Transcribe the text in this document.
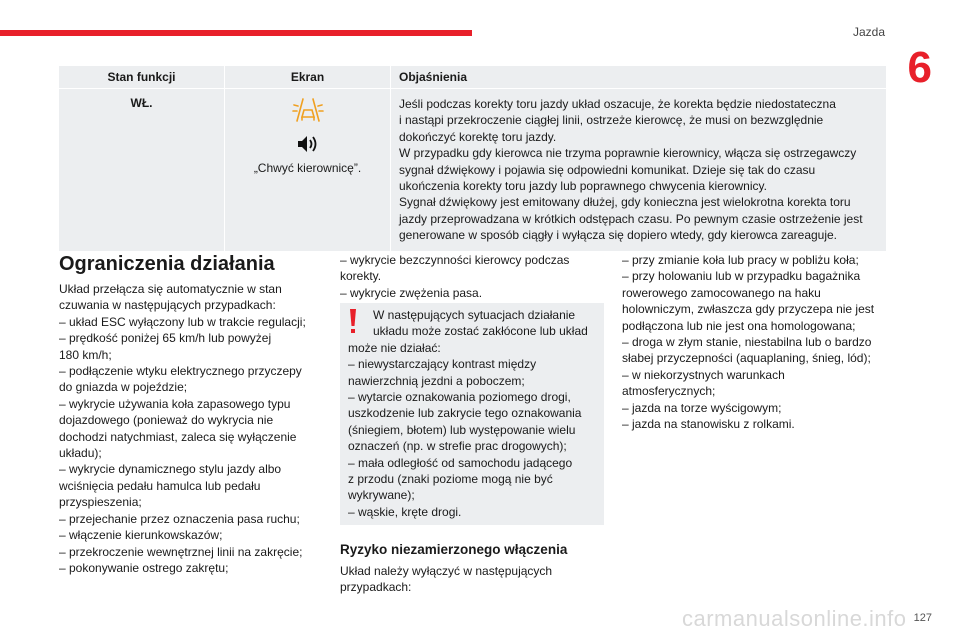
Jazda
6
Stan funkcji	Ekran	Objaśnienia
WŁ.
„Chwyć kierownicę”.
Jeśli podczas korekty toru jazdy układ oszacuje, że korekta będzie niedostateczna
i nastąpi przekroczenie ciągłej linii, ostrzeże kierowcę, że musi on bezwzględnie
dokończyć korektę toru jazdy.
W przypadku gdy kierowca nie trzyma poprawnie kierownicy, włącza się ostrzegawczy
sygnał dźwiękowy i pojawia się odpowiedni komunikat. Dzieje się tak do czasu
ukończenia korekty toru jazdy lub poprawnego chwycenia kierownicy.
Sygnał dźwiękowy jest emitowany dłużej, gdy konieczna jest wielokrotna korekta toru
jazdy przeprowadzana w krótkich odstępach czasu. Po pewnym czasie ostrzeżenie jest
generowane w sposób ciągły i wyłącza się dopiero wtedy, gdy kierowca zareaguje.
Ograniczenia działania

Układ przełącza się automatycznie w stan

czuwania w następujących przypadkach:

– układ ESC wyłączony lub w trakcie regulacji;

– prędkość poniżej 65 km/h lub powyżej

180 km/h;

– podłączenie wtyku elektrycznego przyczepy

do gniazda w pojeździe;

– wykrycie używania koła zapasowego typu

dojazdowego (ponieważ do wykrycia nie

dochodzi natychmiast, zaleca się wyłączenie

układu);

– wykrycie dynamicznego stylu jazdy albo

wciśnięcia pedału hamulca lub pedału

przyspieszenia;

– przejechanie przez oznaczenia pasa ruchu;

– włączenie kierunkowskazów;

– przekroczenie wewnętrznej linii na zakręcie;

– pokonywanie ostrego zakrętu;

– wykrycie bezczynności kierowcy podczas

korekty.

– wykrycie zwężenia pasa.

W następujących sytuacjach działanie
układu może zostać zakłócone lub układ
może nie działać:
– niewystarczający kontrast między
nawierzchnią jezdni a poboczem;
– wytarcie oznakowania poziomego drogi,
uszkodzenie lub zakrycie tego oznakowania
(śniegiem, błotem) lub występowanie wielu
oznaczeń (np. w strefie prac drogowych);
– mała odległość od samochodu jadącego
z przodu (znaki poziome mogą nie być
wykrywane);
– wąskie, kręte drogi.
Ryzyko niezamierzonego włączenia

Układ należy wyłączyć w następujących

przypadkach:

– przy zmianie koła lub pracy w pobliżu koła;

– przy holowaniu lub w przypadku bagażnika

rowerowego zamocowanego na haku

holowniczym, zwłaszcza gdy przyczepa nie jest

podłączona lub nie jest ona homologowana;

– droga w złym stanie, niestabilna lub o bardzo

słabej przyczepności (aquaplaning, śnieg, lód);

– w niekorzystnych warunkach

atmosferycznych;

– jazda na torze wyścigowym;

– jazda na stanowisku z rolkami.

carmanualsonline.info 127
